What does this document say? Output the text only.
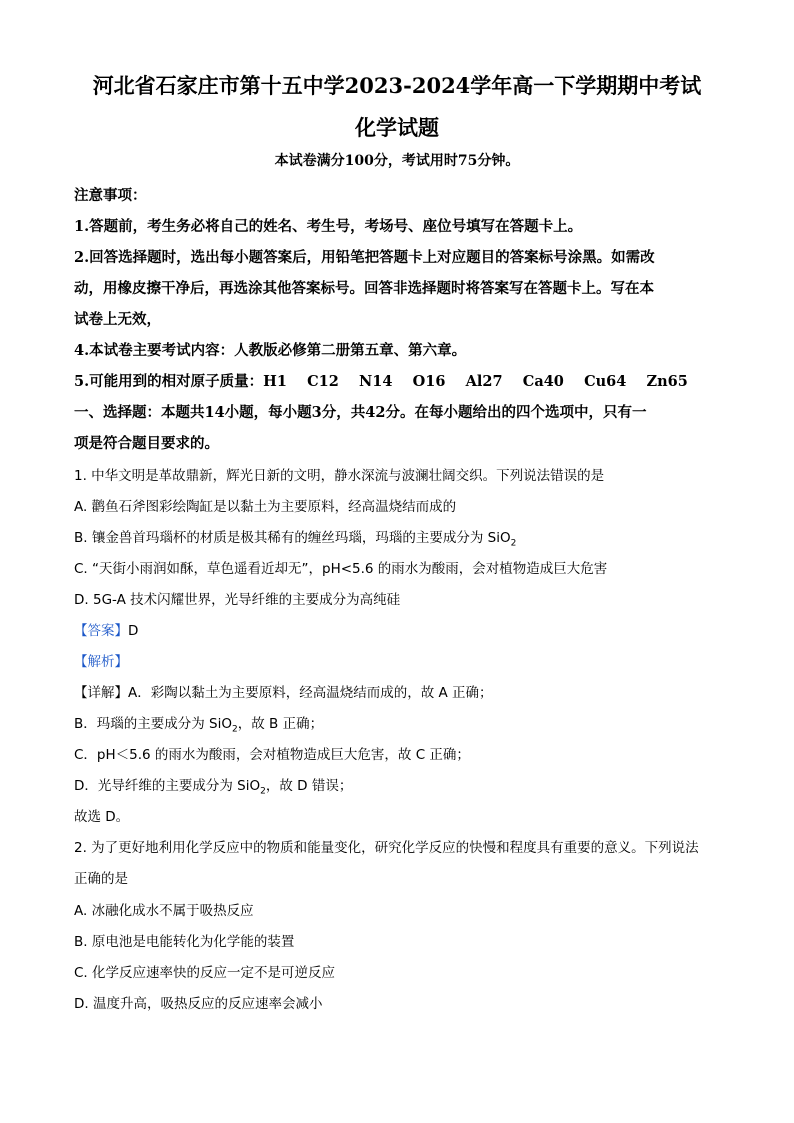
河北省石家庄市第十五中学2023-2024学年高一下学期期中考试
化学试题
本试卷满分100分，考试用时75分钟。
注意事项：
1.答题前，考生务必将自己的姓名、考生号，考场号、座位号填写在答题卡上。
2.回答选择题时，选出每小题答案后，用铅笔把答题卡上对应题目的答案标号涂黑。如需改
动，用橡皮擦干净后，再选涂其他答案标号。回答非选择题时将答案写在答题卡上。写在本
试卷上无效，
4.本试卷主要考试内容：人教版必修第二册第五章、第六章。
5.可能用到的相对原子质量：H1    C12    N14    O16    Al27    Ca40    Cu64    Zn65
一、选择题：本题共14小题，每小题3分，共42分。在每小题给出的四个选项中，只有一
项是符合题目要求的。
1. 中华文明是革故鼎新，辉光日新的文明，静水深流与波澜壮阔交织。下列说法错误的是
A. 鹳鱼石斧图彩绘陶缸是以黏土为主要原料，经高温烧结而成的
B. 镶金兽首玛瑙杯的材质是极其稀有的缠丝玛瑙，玛瑙的主要成分为 SiO$_2$
C. “天街小雨润如酥，草色遥看近却无”，pH<5.6 的雨水为酸雨，会对植物造成巨大危害
D. 5G-A 技术闪耀世界，光导纤维的主要成分为高纯硅
【答案】D
【解析】
【详解】A．彩陶以黏土为主要原料，经高温烧结而成的，故 A 正确；
B．玛瑙的主要成分为 SiO$_2$，故 B 正确；
C．pH＜5.6 的雨水为酸雨，会对植物造成巨大危害，故 C 正确；
D．光导纤维的主要成分为 SiO$_2$，故 D 错误；
故选 D。
2. 为了更好地利用化学反应中的物质和能量变化，研究化学反应的快慢和程度具有重要的意义。下列说法
正确的是
A. 冰融化成水不属于吸热反应
B. 原电池是电能转化为化学能的装置
C. 化学反应速率快的反应一定不是可逆反应
D. 温度升高，吸热反应的反应速率会减小
